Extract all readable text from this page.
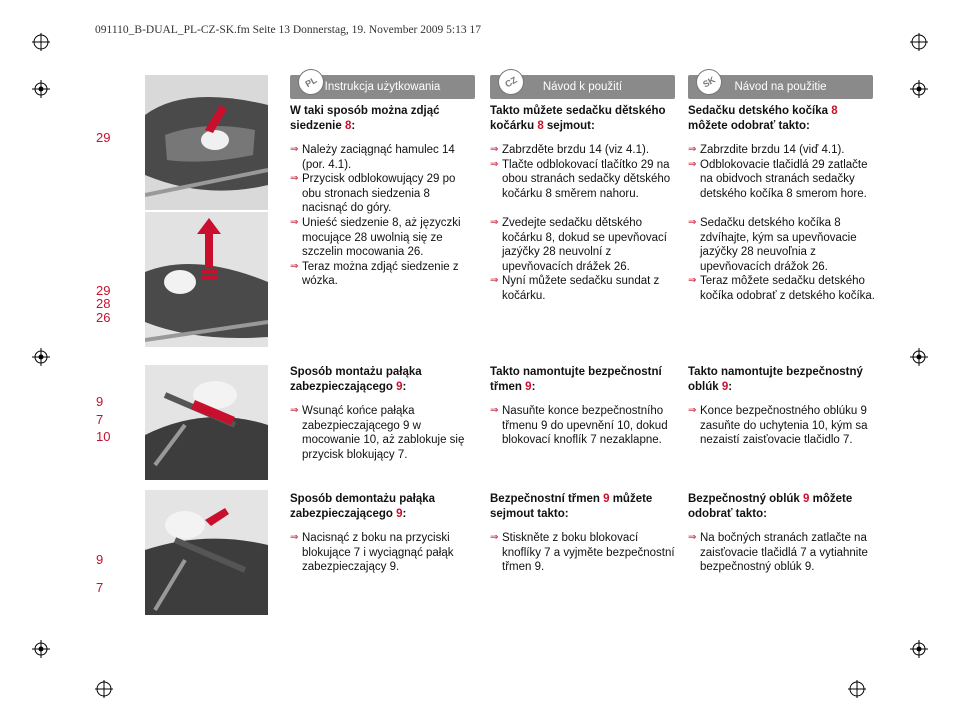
091110_B-DUAL_PL-CZ-SK.fm Seite 13 Donnerstag, 19. November 2009 5:13 17
PL Instrukcja użytkowania	CZ	Návod k použití	SK	Návod na použitie
29
29
28
26
9
7
10
9
7

W taki sposób można zdjąć siedzenie 8:

⇒ Należy zaciągnąć hamulec 14 (por. 4.1).

⇒ Przycisk odblokowujący 29 po obu stronach siedzenia 8 nacisnąć do góry.

Takto můžete sedačku dětského kočárku 8 sejmout:

⇒ Zabrzděte brzdu 14 (viz 4.1).

⇒ Tlačte odblokovací tlačítko 29 na obou stranách sedačky dětského kočárku 8 směrem nahoru.

Sedačku detského kočíka 8 môžete odobrať takto:

⇒ Zabrzdite brzdu 14 (viď 4.1).

⇒ Odblokovacie tlačidlá 29 zatlačte na obidvoch stranách sedačky detského kočíka 8 smerom hore.

⇒ Unieść siedzenie 8, aż języczki mocujące 28 uwolnią się ze szczelin mocowania 26.

⇒ Teraz można zdjąć siedzenie z wózka.

⇒ Zvedejte sedačku dětského kočárku 8, dokud se upevňovací jazýčky 28 neuvolní z upevňovacích drážek 26.

⇒ Nyní můžete sedačku sundat z kočárku.

⇒ Sedačku detského kočíka 8 zdvíhajte, kým sa upevňovacie jazýčky 28 neuvoľnia z upevňovacích drážok 26.

⇒ Teraz môžete sedačku detského kočíka odobrať z detského kočíka.

Sposób montażu pałąka zabezpieczającego 9:

⇒ Wsunąć końce pałąka zabezpieczającego 9 w mocowanie 10, aż zablokuje się przycisk blokujący 7.

Takto namontujte bezpečnostní třmen 9:

⇒ Nasuňte konce bezpečnostního třmenu 9 do upevnění 10, dokud blokovací knoflík 7 nezaklapne.

Takto namontujte bezpečnostný oblúk 9:

⇒ Konce bezpečnostného oblúku 9 zasuňte do uchytenia 10, kým sa nezaistí zaisťovacie tlačidlo 7.

Sposób demontażu pałąka zabezpieczającego 9:

⇒ Nacisnąć z boku na przyciski blokujące 7 i wyciągnąć pałąk zabezpieczający 9.

Bezpečnostní třmen 9 můžete sejmout takto:

⇒ Stiskněte z boku blokovací knoflíky 7 a vyjměte bezpečnostní třmen 9.

Bezpečnostný oblúk 9 môžete odobrať takto:

⇒ Na bočných stranách zatlačte na zaisťovacie tlačidlá 7 a vytiahnite bezpečnostný oblúk 9.
